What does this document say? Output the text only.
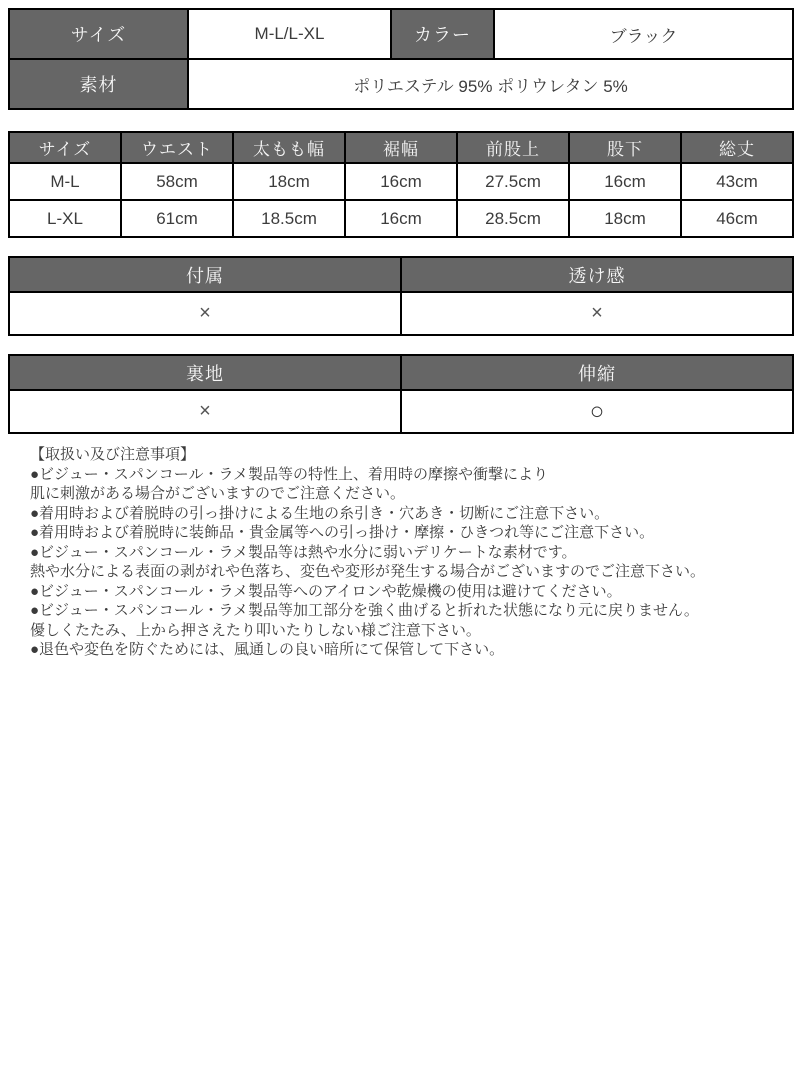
サイズ	M-L/L-XL	カラー	ブラック
素材	ポリエステル 95% ポリウレタン 5%		
サイズ	ウエスト	太もも幅	裾幅	前股上	股下	総丈
M-L	58cm	18cm	16cm	27.5cm	16cm	43cm
L-XL	61cm	18.5cm	16cm	28.5cm	18cm	46cm
付属	透け感
×	×
裏地	伸縮
×	○
【取扱い及び注意事項】
●ビジュー・スパンコール・ラメ製品等の特性上、着用時の摩擦や衝撃により
肌に刺激がある場合がございますのでご注意ください。
●着用時および着脱時の引っ掛けによる生地の糸引き・穴あき・切断にご注意下さい。
●着用時および着脱時に装飾品・貴金属等への引っ掛け・摩擦・ひきつれ等にご注意下さい。
●ビジュー・スパンコール・ラメ製品等は熱や水分に弱いデリケートな素材です。
熱や水分による表面の剥がれや色落ち、変色や変形が発生する場合がございますのでご注意下さい。
●ビジュー・スパンコール・ラメ製品等へのアイロンや乾燥機の使用は避けてください。
●ビジュー・スパンコール・ラメ製品等加工部分を強く曲げると折れた状態になり元に戻りません。
優しくたたみ、上から押さえたり叩いたりしない様ご注意下さい。
●退色や変色を防ぐためには、風通しの良い暗所にて保管して下さい。
